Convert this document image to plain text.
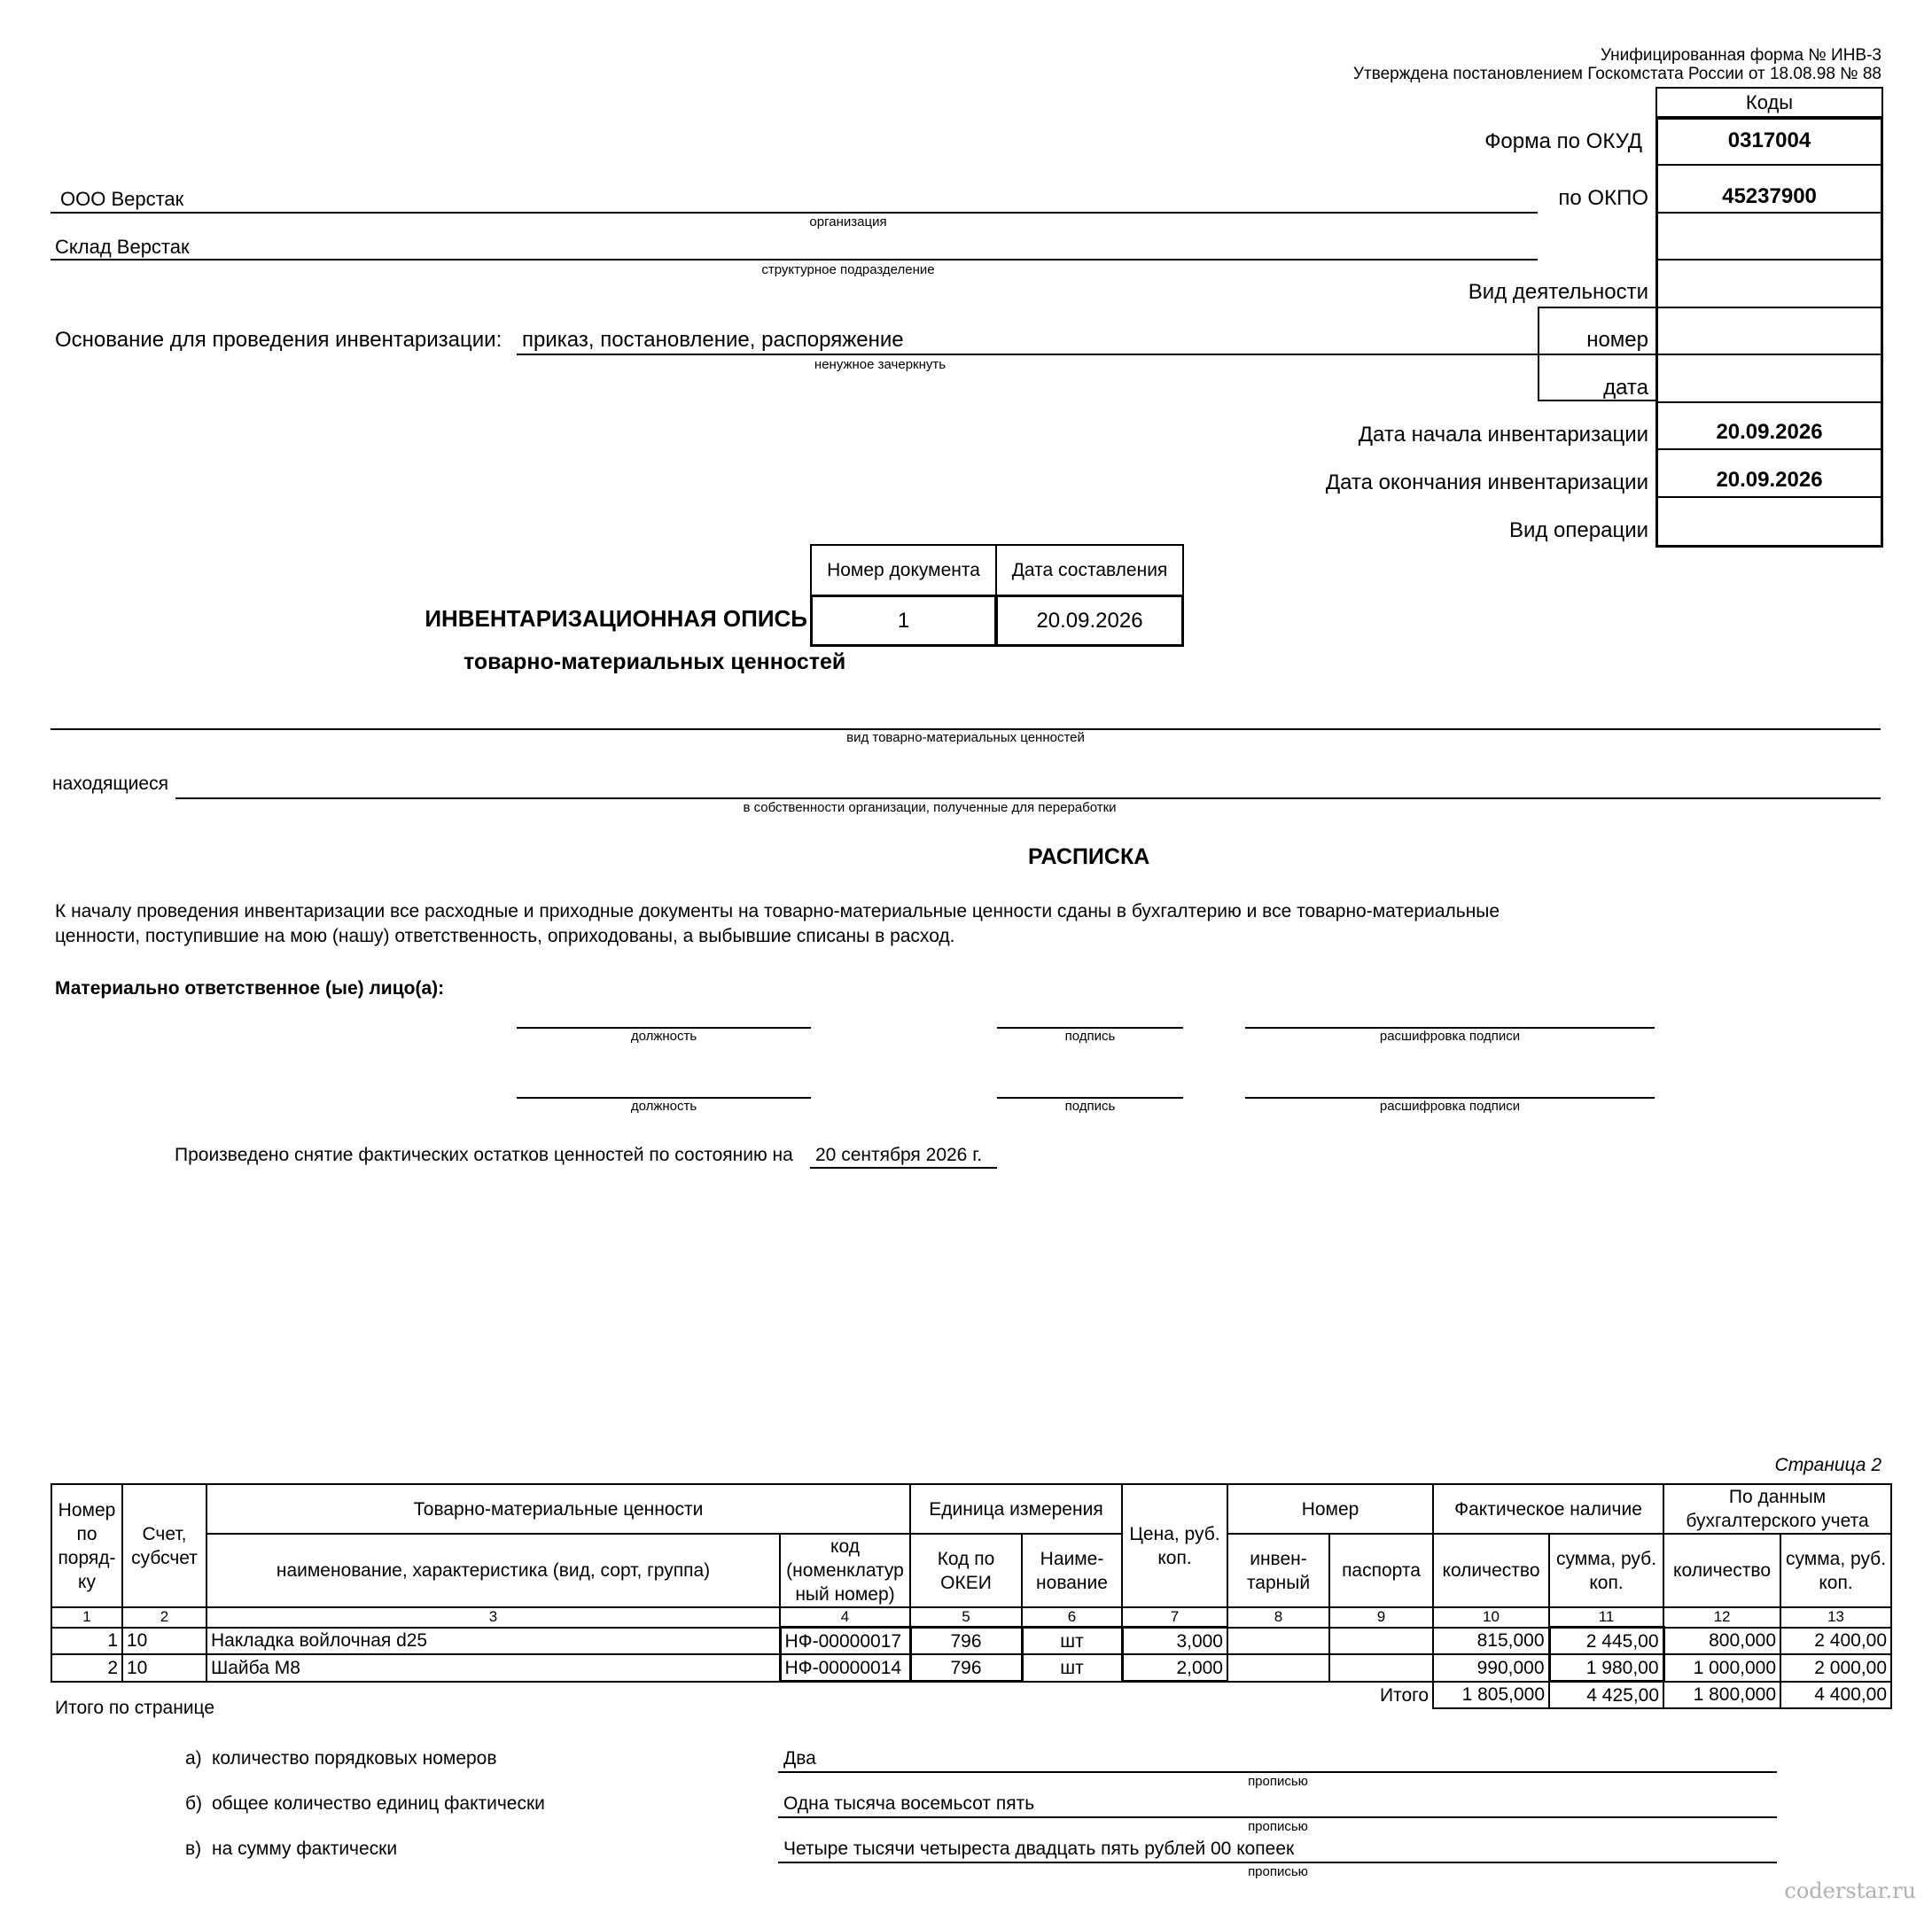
Унифицированная форма № ИНВ-3
Утверждена постановлением Госкомстата России от 18.08.98 № 88
Коды
0317004
45237900
20.09.2026
20.09.2026
Форма по ОКУД
по ОКПО
Вид деятельности
номер
дата
Дата начала инвентаризации
Дата окончания инвентаризации
Вид операции
ООО Верстак
организация
Склад Верстак
структурное подразделение
Основание для проведения инвентаризации: приказ, постановление, распоряжение
ненужное зачеркнуть
Номер документа	Дата составления
1	20.09.2026
ИНВЕНТАРИЗАЦИОННАЯ ОПИСЬ
товарно-материальных ценностей
вид товарно-материальных ценностей
находящиеся
в собственности организации, полученные для переработки
РАСПИСКА
К началу проведения инвентаризации все расходные и приходные документы на товарно-материальные ценности сданы в бухгалтерию и все товарно-материальные
ценности, поступившие на мою (нашу) ответственность, оприходованы, а выбывшие списаны в расход.
Материально ответственное (ые) лицо(а):
должность	подпись	расшифровка подписи
должность	подпись	расшифровка подписи
Произведено снятие фактических остатков ценностей по состоянию на 20 сентября 2026 г.
Страница 2
Номер по поряд-ку	Счет, субсчет	Товарно-материальные ценности		Единица измерения		Цена, руб. коп.	Номер		Фактическое наличие		По данным бухгалтерского учета	
		наименование, характеристика (вид, сорт, группа)	код (номенклатур ный номер)	Код по ОКЕИ	Наиме-нование		инвен-тарный	паспорта	количество	сумма, руб. коп.	количество	сумма, руб. коп.
1	2	3	4	5	6	7	8	9	10	11	12	13
1	10	Накладка войлочная d25	НФ-00000017	796	шт	3,000			815,000	2 445,00	800,000	2 400,00
2	10	Шайба М8	НФ-00000014	796	шт	2,000			990,000	1 980,00	1 000,000	2 000,00
								Итого	1 805,000	4 425,00	1 800,000	4 400,00
Итого по странице
а) количество порядковых номеров	Два
прописью
б) общее количество единиц фактически	Одна тысяча восемьсот пять
прописью
в) на сумму фактически	Четыре тысячи четыреста двадцать пять рублей 00 копеек
прописью
coderstar.ru
